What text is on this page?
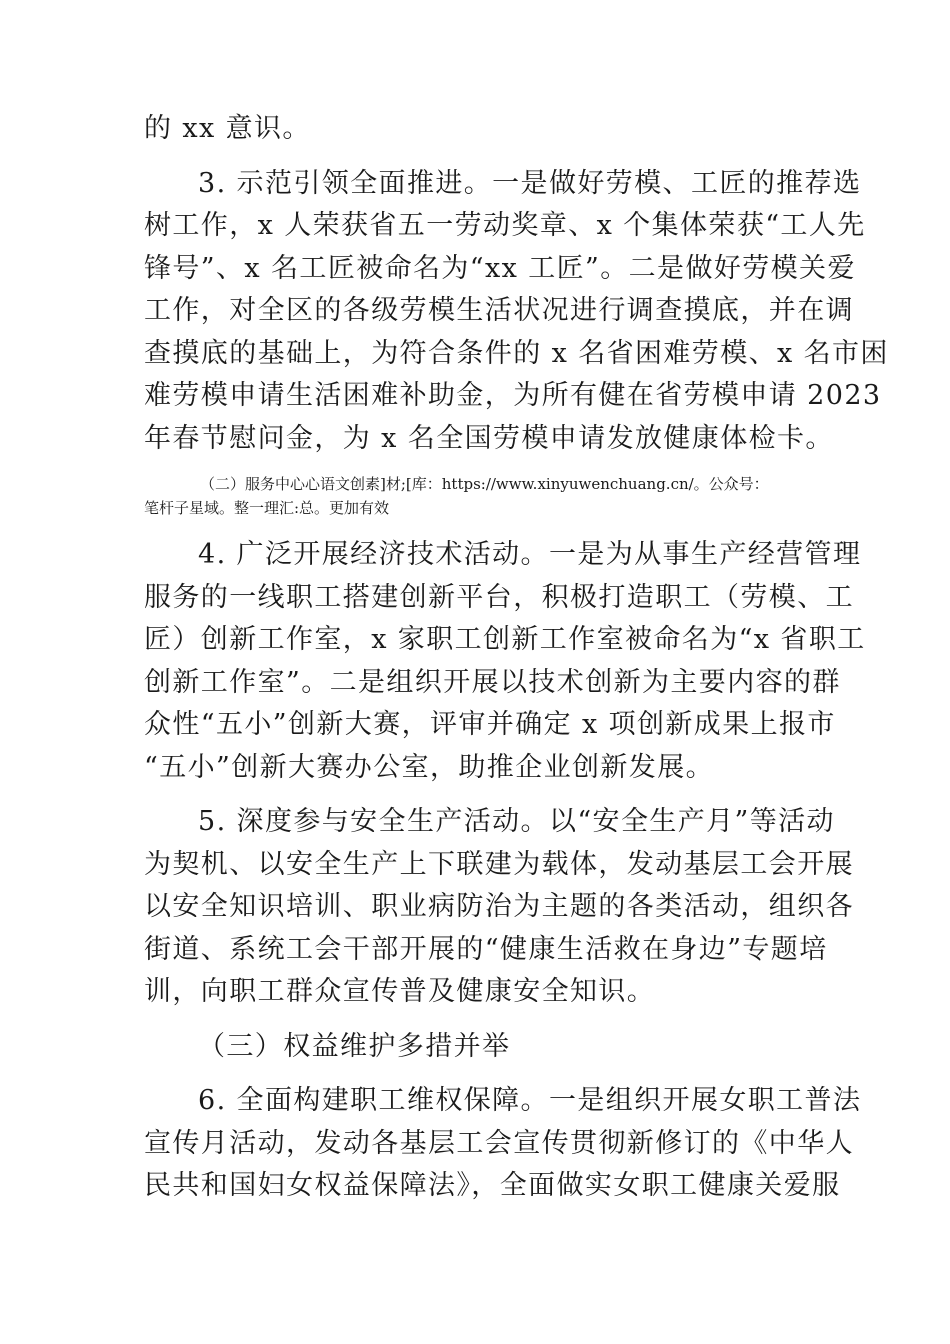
的 xx 意识。
3. 示范引领全面推进。一是做好劳模、工匠的推荐选
树工作，x 人荣获省五一劳动奖章、x 个集体荣获“工人先
锋号”、x 名工匠被命名为“xx 工匠”。二是做好劳模关爱
工作，对全区的各级劳模生活状况进行调查摸底，并在调
查摸底的基础上，为符合条件的 x 名省困难劳模、x 名市困
难劳模申请生活困难补助金，为所有健在省劳模申请 2023
年春节慰问金，为 x 名全国劳模申请发放健康体检卡。
（二）服务中心心语文创素]材;[库：https://www.xinyuwenchuang.cn/。公众号：
笔杆子星域。整一理汇:总。更加有效
4. 广泛开展经济技术活动。一是为从事生产经营管理
服务的一线职工搭建创新平台，积极打造职工（劳模、工
匠）创新工作室，x 家职工创新工作室被命名为“x 省职工
创新工作室”。二是组织开展以技术创新为主要内容的群
众性“五小”创新大赛，评审并确定 x 项创新成果上报市
“五小”创新大赛办公室，助推企业创新发展。
5. 深度参与安全生产活动。以“安全生产月”等活动
为契机、以安全生产上下联建为载体，发动基层工会开展
以安全知识培训、职业病防治为主题的各类活动，组织各
街道、系统工会干部开展的“健康生活救在身边”专题培
训，向职工群众宣传普及健康安全知识。
（三）权益维护多措并举
6. 全面构建职工维权保障。一是组织开展女职工普法
宣传月活动，发动各基层工会宣传贯彻新修订的《中华人
民共和国妇女权益保障法》，全面做实女职工健康关爱服
